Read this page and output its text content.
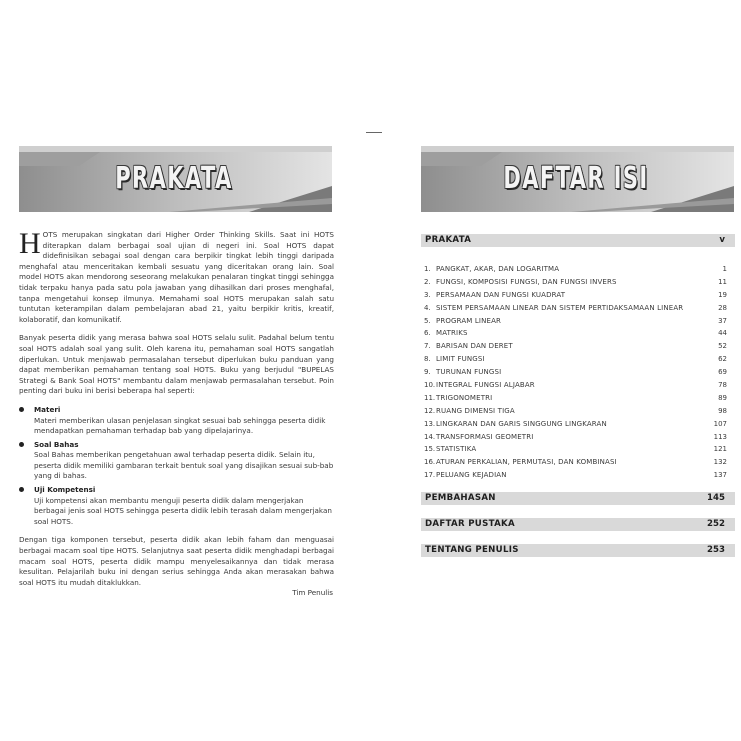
PRAKATA

HOTS merupakan singkatan dari Higher Order Thinking Skills. Saat ini HOTS diterapkan dalam berbagai soal ujian di negeri ini. Soal HOTS dapat didefinisikan sebagai soal dengan cara berpikir tingkat lebih tinggi daripada menghafal atau menceritakan kembali sesuatu yang diceritakan orang lain. Soal model HOTS akan mendorong seseorang melakukan penalaran tingkat tinggi sehingga tidak terpaku hanya pada satu pola jawaban yang dihasilkan dari proses menghafal, tanpa mengetahui konsep ilmunya. Memahami soal HOTS merupakan salah satu tuntutan keterampilan dalam pembelajaran abad 21, yaitu berpikir kritis, kreatif, kolaboratif, dan komunikatif.

Banyak peserta didik yang merasa bahwa soal HOTS selalu sulit. Padahal belum tentu soal HOTS adalah soal yang sulit. Oleh karena itu, pemahaman soal HOTS sangatlah diperlukan. Untuk menjawab permasalahan tersebut diperlukan buku panduan yang dapat memberikan pemahaman tentang soal HOTS. Buku yang berjudul "BUPELAS Strategi & Bank Soal HOTS" membantu dalam menjawab permasalahan tersebut. Poin penting dari buku ini berisi beberapa hal seperti:

Materi
Materi memberikan ulasan penjelasan singkat sesuai bab sehingga peserta didik mendapatkan pemahaman terhadap bab yang dipelajarinya.
Soal Bahas
Soal Bahas memberikan pengetahuan awal terhadap peserta didik. Selain itu, peserta didik memiliki gambaran terkait bentuk soal yang disajikan sesuai sub-bab yang di bahas.
Uji Kompetensi
Uji kompetensi akan membantu menguji peserta didik dalam mengerjakan berbagai jenis soal HOTS sehingga peserta didik lebih terasah dalam mengerjakan soal HOTS.

Dengan tiga komponen tersebut, peserta didik akan lebih faham dan menguasai berbagai macam soal tipe HOTS. Selanjutnya saat peserta didik menghadapi berbagai macam soal HOTS, peserta didik mampu menyelesaikannya dan tidak merasa kesulitan. Pelajarilah buku ini dengan serius sehingga Anda akan merasakan bahwa soal HOTS itu mudah ditaklukkan.

Tim Penulis
DAFTAR ISI
PRAKATA	v
1. PANGKAT, AKAR, DAN LOGARITMA	1
2. FUNGSI, KOMPOSISI FUNGSI, DAN FUNGSI INVERS	11
3. PERSAMAAN DAN FUNGSI KUADRAT	19
4. SISTEM PERSAMAAN LINEAR DAN SISTEM PERTIDAKSAMAAN LINEAR	28
5. PROGRAM LINEAR	37
6. MATRIKS	44
7. BARISAN DAN DERET	52
8. LIMIT FUNGSI	62
9. TURUNAN FUNGSI	69
10. INTEGRAL FUNGSI ALJABAR	78
11. TRIGONOMETRI	89
12. RUANG DIMENSI TIGA	98
13. LINGKARAN DAN GARIS SINGGUNG LINGKARAN	107
14. TRANSFORMASI GEOMETRI	113
15. STATISTIKA	121
16. ATURAN PERKALIAN, PERMUTASI, DAN KOMBINASI	132
17. PELUANG KEJADIAN	137
PEMBAHASAN	145
DAFTAR PUSTAKA	252
TENTANG PENULIS	253
